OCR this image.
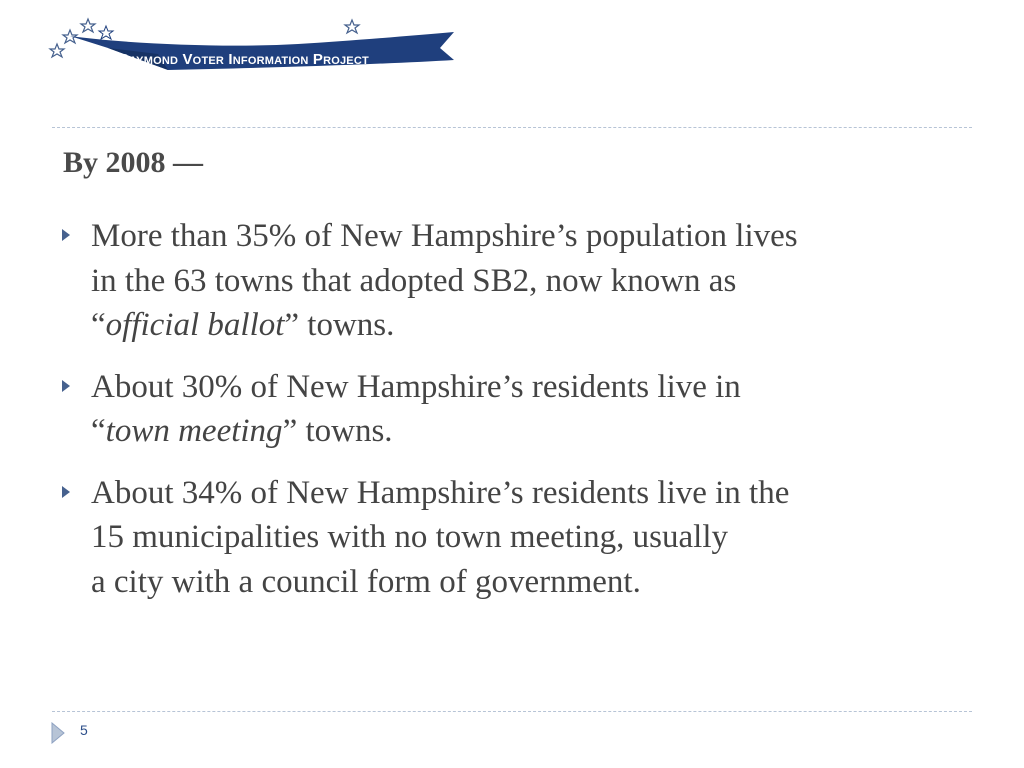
Raymond Voter Information Project
By 2008 —
More than 35% of New Hampshire’s population lives
in the 63 towns that adopted SB2, now known as
“official ballot” towns.
About 30% of New Hampshire’s residents live in
“town meeting” towns.
About 34% of New Hampshire’s residents live in the
15 municipalities with no town meeting, usually
a city with a council form of government.
5
